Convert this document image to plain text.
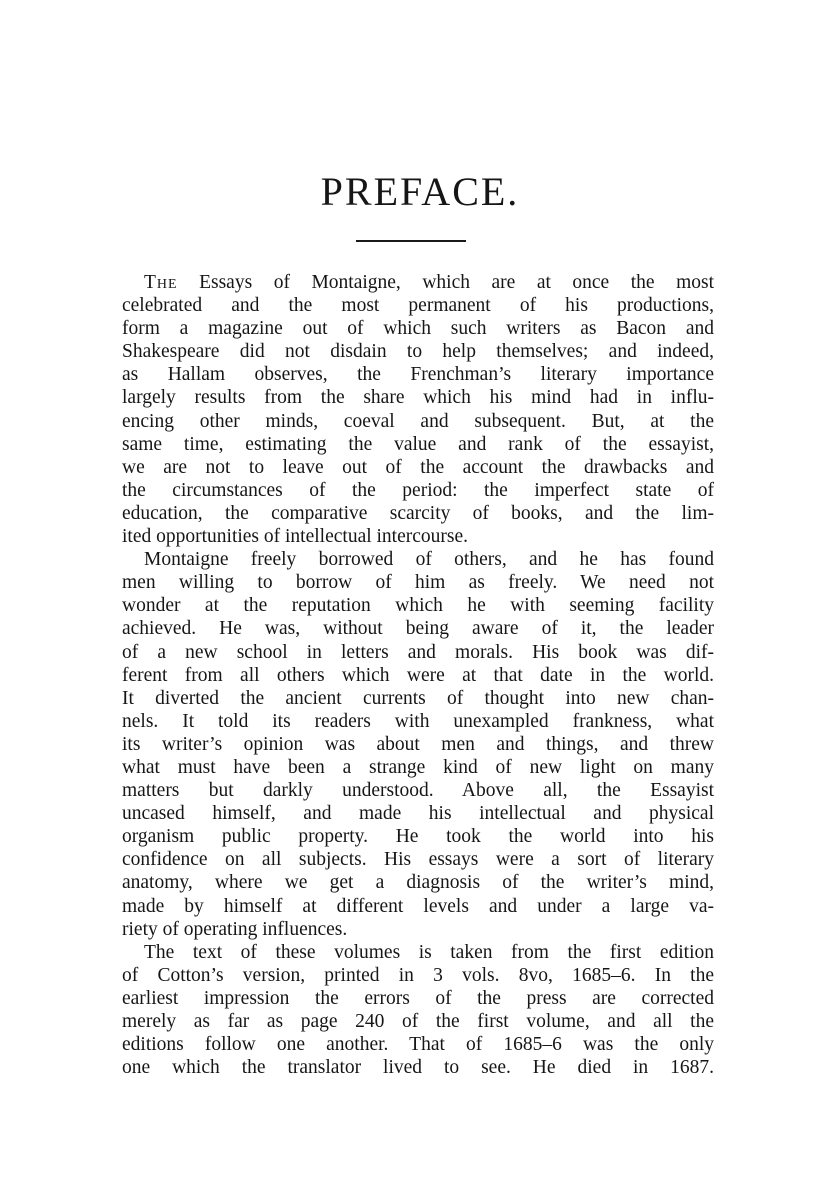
PREFACE.
The Essays of Montaigne, which are at once the most
celebrated and the most permanent of his productions,
form a magazine out of which such writers as Bacon and
Shakespeare did not disdain to help themselves; and indeed,
as Hallam observes, the Frenchman’s literary importance
largely results from the share which his mind had in influ-
encing other minds, coeval and subsequent. But, at the
same time, estimating the value and rank of the essayist,
we are not to leave out of the account the drawbacks and
the circumstances of the period: the imperfect state of
education, the comparative scarcity of books, and the lim-
ited opportunities of intellectual intercourse.
Montaigne freely borrowed of others, and he has found
men willing to borrow of him as freely. We need not
wonder at the reputation which he with seeming facility
achieved. He was, without being aware of it, the leader
of a new school in letters and morals. His book was dif-
ferent from all others which were at that date in the world.
It diverted the ancient currents of thought into new chan-
nels. It told its readers with unexampled frankness, what
its writer’s opinion was about men and things, and threw
what must have been a strange kind of new light on many
matters but darkly understood. Above all, the Essayist
uncased himself, and made his intellectual and physical
organism public property. He took the world into his
confidence on all subjects. His essays were a sort of literary
anatomy, where we get a diagnosis of the writer’s mind,
made by himself at different levels and under a large va-
riety of operating influences.
The text of these volumes is taken from the first edition
of Cotton’s version, printed in 3 vols. 8vo, 1685–6. In the
earliest impression the errors of the press are corrected
merely as far as page 240 of the first volume, and all the
editions follow one another. That of 1685–6 was the only
one which the translator lived to see. He died in 1687.
